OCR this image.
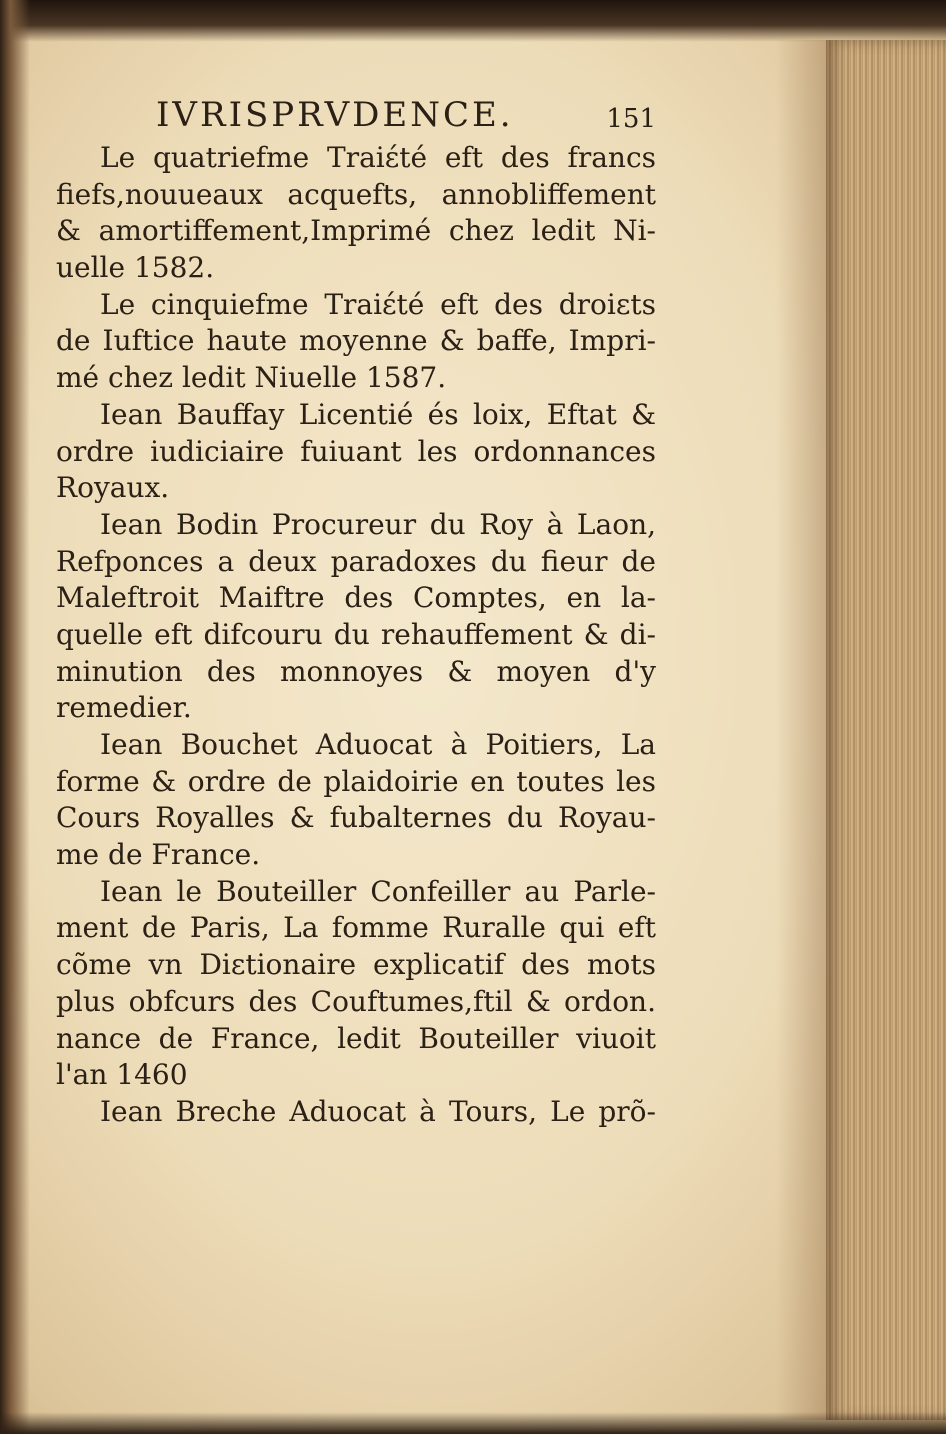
IVRISPRVDENCE.	151
Le quatriefme Traiɛ́té eft des francs
fiefs,nouueaux acquefts, annobliffement
& amortiffement,Imprimé chez ledit Ni-
uelle 1582.
Le cinquiefme Traiɛ́té eft des droiɛts
de Iuftice haute moyenne & baffe, Impri-
mé chez ledit Niuelle 1587.
Iean Bauffay Licentié és loix, Eftat &
ordre iudiciaire fuiuant les ordonnances
Royaux.
Iean Bodin Procureur du Roy à Laon,
Refponces a deux paradoxes du fieur de
Maleftroit Maiftre des Comptes, en la-
quelle eft difcouru du rehauffement & di-
minution des monnoyes & moyen d'y
remedier.
Iean Bouchet Aduocat à Poitiers, La
forme & ordre de plaidoirie en toutes les
Cours Royalles & fubalternes du Royau-
me de France.
Iean le Bouteiller Confeiller au Parle-
ment de Paris, La fomme Ruralle qui eft
cõme vn Diɛtionaire explicatif des mots
plus obfcurs des Couftumes,ftil & ordon.
nance de France, ledit Bouteiller viuoit
l'an 1460
Iean Breche Aduocat à Tours, Le prõ-
